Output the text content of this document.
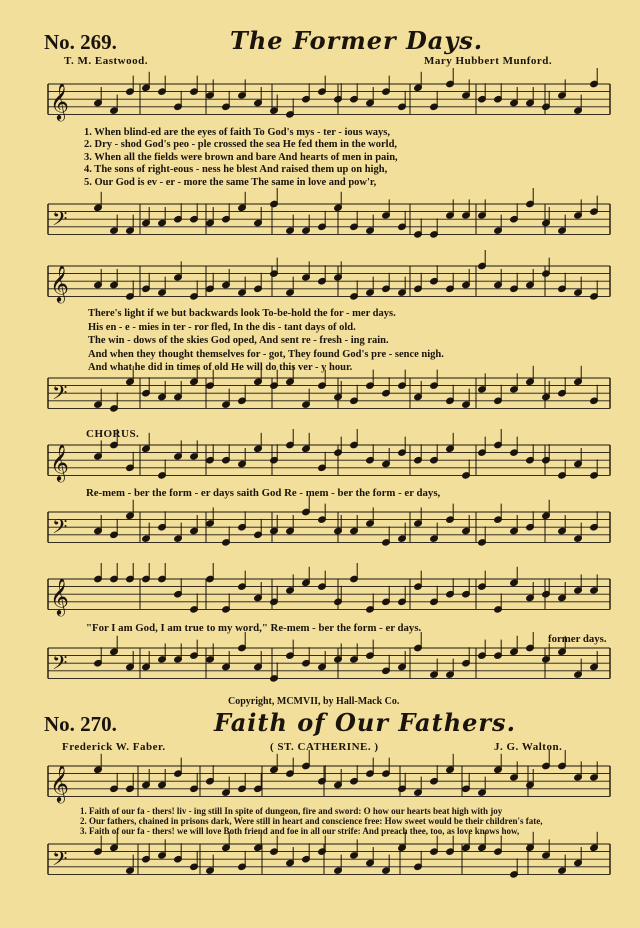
𝄞
𝄢
𝄞
𝄢
𝄞
𝄢
𝄞
𝄢
𝄞
𝄢
No. 269.	The Former Days.
T. M. Eastwood.	Mary Hubbert Munford.
1. When blind-ed are the eyes of faith To God's mys - ter - ious ways,
2. Dry - shod God's peo - ple crossed the sea He fed them in the world,
3. When all the fields were brown and bare And hearts of men in pain,
4. The sons of right-eous - ness he blest And raised them up on high,
5. Our God is ev - er - more the same The same in love and pow'r,
There's light if we but backwards look To-be-hold the for - mer days.
His en - e - mies in ter - ror fled, In the dis - tant days of old.
The win - dows of the skies God oped, And sent re - fresh - ing rain.
And when they thought themselves for - got, They found God's pre - sence nigh.
And what he did in times of old He will do this ver - y hour.
CHORUS.
Re-mem - ber the form - er days saith God Re - mem - ber the form - er days,
"For I am God, I am true to my word," Re-mem - ber the form - er days.
former days.
Copyright, MCMVII, by Hall-Mack Co.
No. 270.	Faith of Our Fathers.
Frederick W. Faber.	( ST. CATHERINE. )	J. G. Walton.
1. Faith of our fa - thers! liv - ing still In spite of dungeon, fire and sword: O how our hearts beat high with joy
2. Our fathers, chained in prisons dark, Were still in heart and conscience free: How sweet would be their children's fate,
3. Faith of our fa - thers! we will love Both friend and foe in all our strife: And preach thee, too, as love knows how,
